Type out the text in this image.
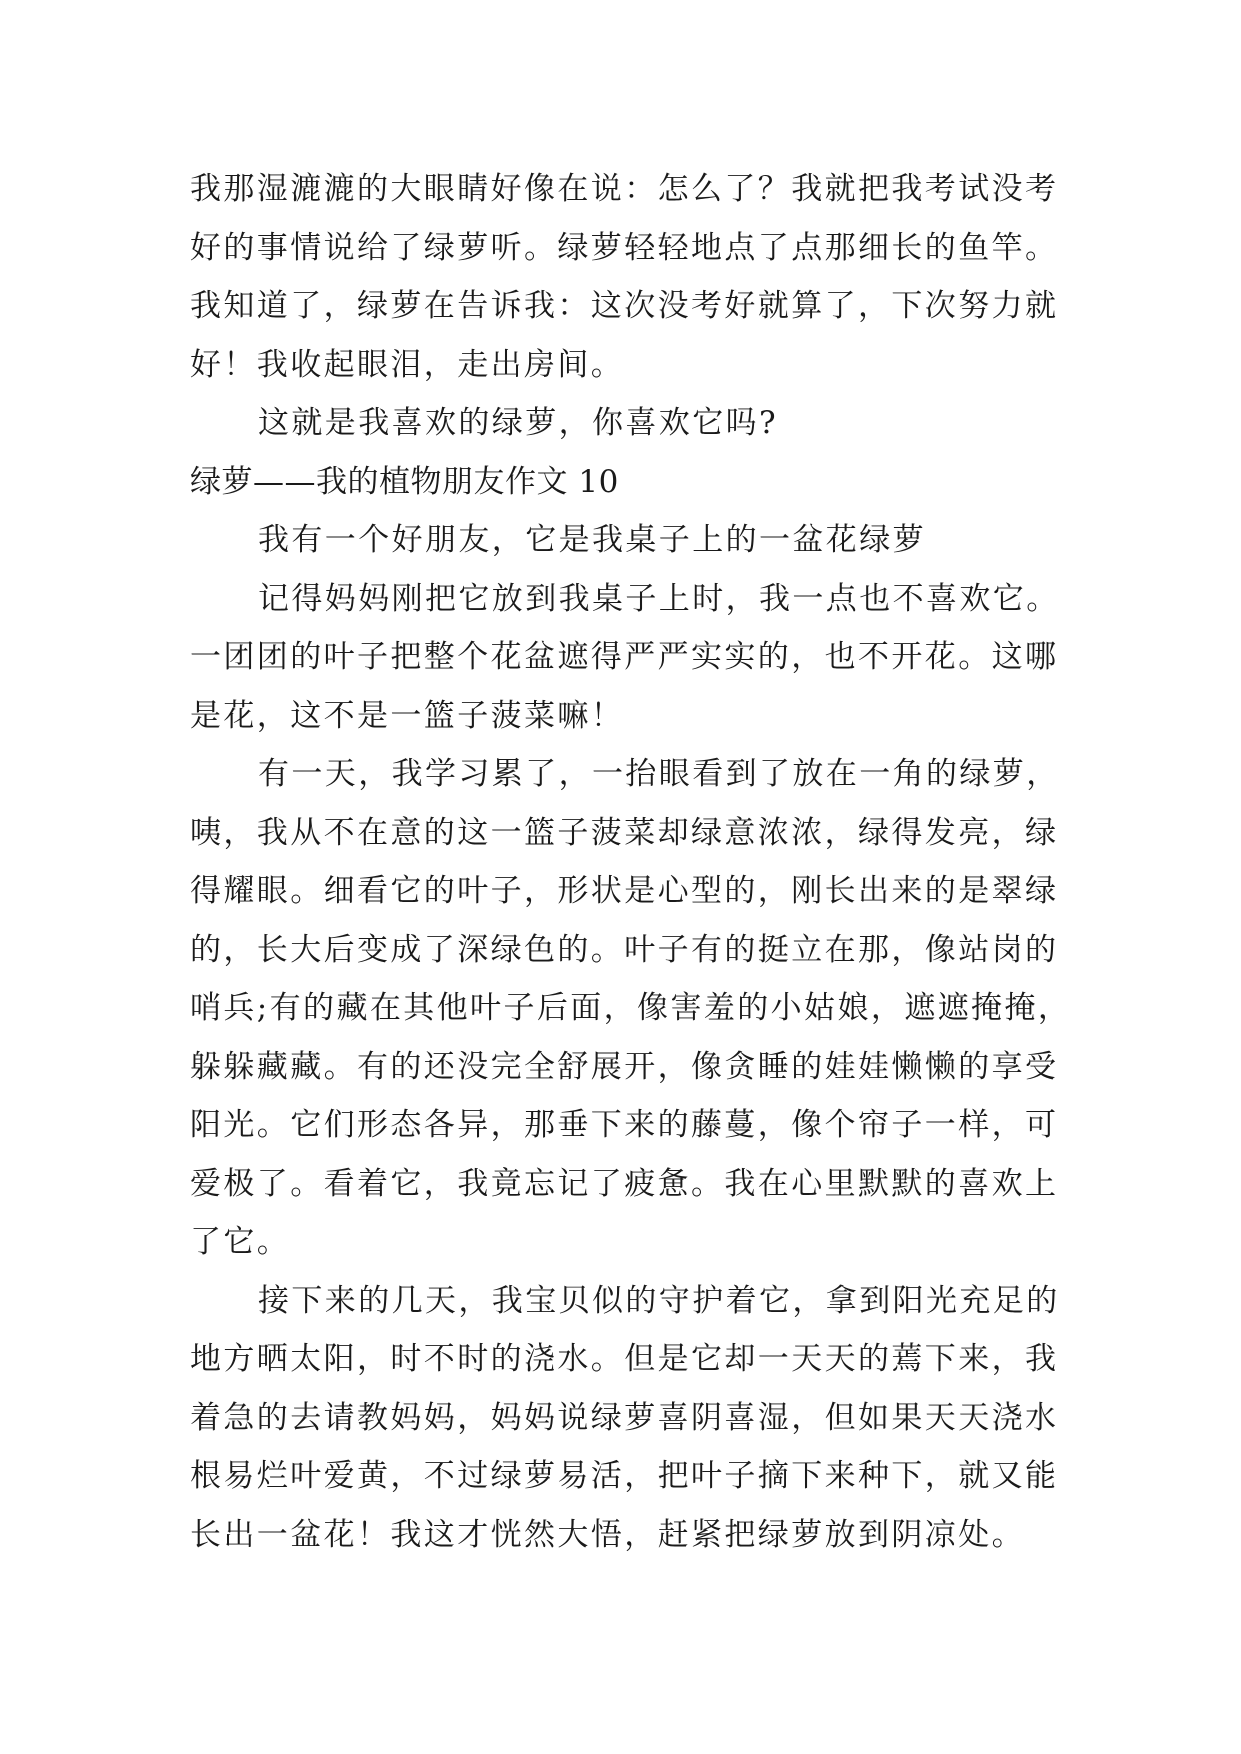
我那湿漉漉的大眼睛好像在说：怎么了？我就把我考试没考
好的事情说给了绿萝听。绿萝轻轻地点了点那细长的鱼竿。
我知道了，绿萝在告诉我：这次没考好就算了，下次努力就
好！我收起眼泪，走出房间。
这就是我喜欢的绿萝，你喜欢它吗?
绿萝——我的植物朋友作文 10
我有一个好朋友，它是我桌子上的一盆花绿萝
记得妈妈刚把它放到我桌子上时，我一点也不喜欢它。
一团团的叶子把整个花盆遮得严严实实的，也不开花。这哪
是花，这不是一篮子菠菜嘛！
有一天，我学习累了，一抬眼看到了放在一角的绿萝，
咦，我从不在意的这一篮子菠菜却绿意浓浓，绿得发亮，绿
得耀眼。细看它的叶子，形状是心型的，刚长出来的是翠绿
的，长大后变成了深绿色的。叶子有的挺立在那，像站岗的
哨兵;有的藏在其他叶子后面，像害羞的小姑娘，遮遮掩掩，
躲躲藏藏。有的还没完全舒展开，像贪睡的娃娃懒懒的享受
阳光。它们形态各异，那垂下来的藤蔓，像个帘子一样，可
爱极了。看着它，我竟忘记了疲惫。我在心里默默的喜欢上
了它。
接下来的几天，我宝贝似的守护着它，拿到阳光充足的
地方晒太阳，时不时的浇水。但是它却一天天的蔫下来，我
着急的去请教妈妈，妈妈说绿萝喜阴喜湿，但如果天天浇水
根易烂叶爱黄，不过绿萝易活，把叶子摘下来种下，就又能
长出一盆花！我这才恍然大悟，赶紧把绿萝放到阴凉处。
